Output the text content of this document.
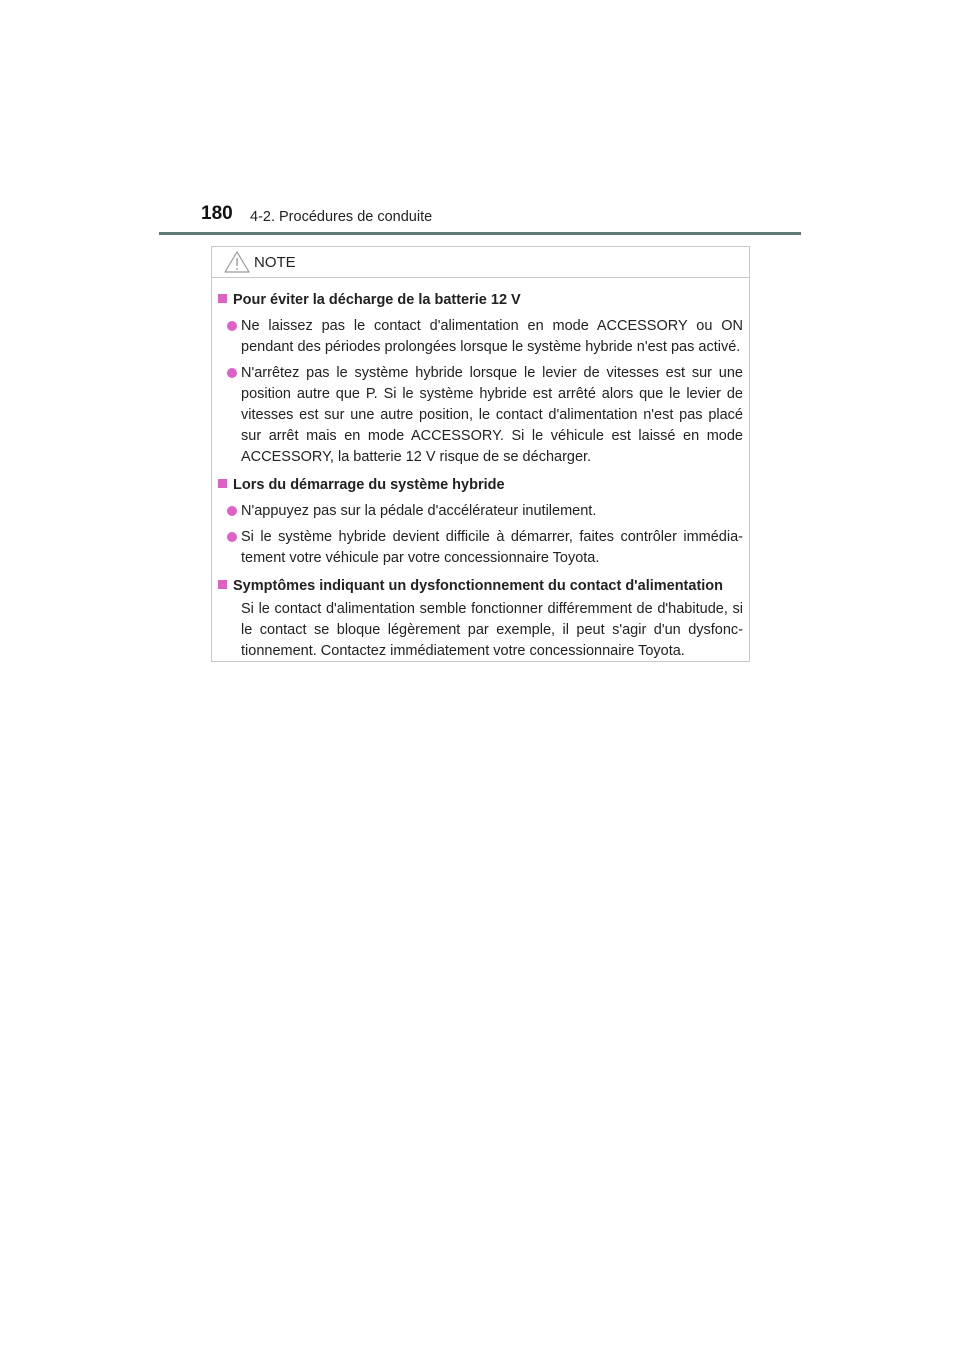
180 4-2. Procédures de conduite
NOTE
Pour éviter la décharge de la batterie 12 V
Ne laissez pas le contact d'alimentation en mode ACCESSORY ou ON pendant des périodes prolongées lorsque le système hybride n'est pas activé.
N'arrêtez pas le système hybride lorsque le levier de vitesses est sur une position autre que P. Si le système hybride est arrêté alors que le levier de vitesses est sur une autre position, le contact d'alimentation n'est pas placé sur arrêt mais en mode ACCESSORY. Si le véhicule est laissé en mode ACCESSORY, la batterie 12 V risque de se décharger.
Lors du démarrage du système hybride
N'appuyez pas sur la pédale d'accélérateur inutilement.
Si le système hybride devient difficile à démarrer, faites contrôler immédia-tement votre véhicule par votre concessionnaire Toyota.
Symptômes indiquant un dysfonctionnement du contact d'alimentation
Si le contact d'alimentation semble fonctionner différemment de d'habitude, si le contact se bloque légèrement par exemple, il peut s'agir d'un dysfonc-tionnement. Contactez immédiatement votre concessionnaire Toyota.
